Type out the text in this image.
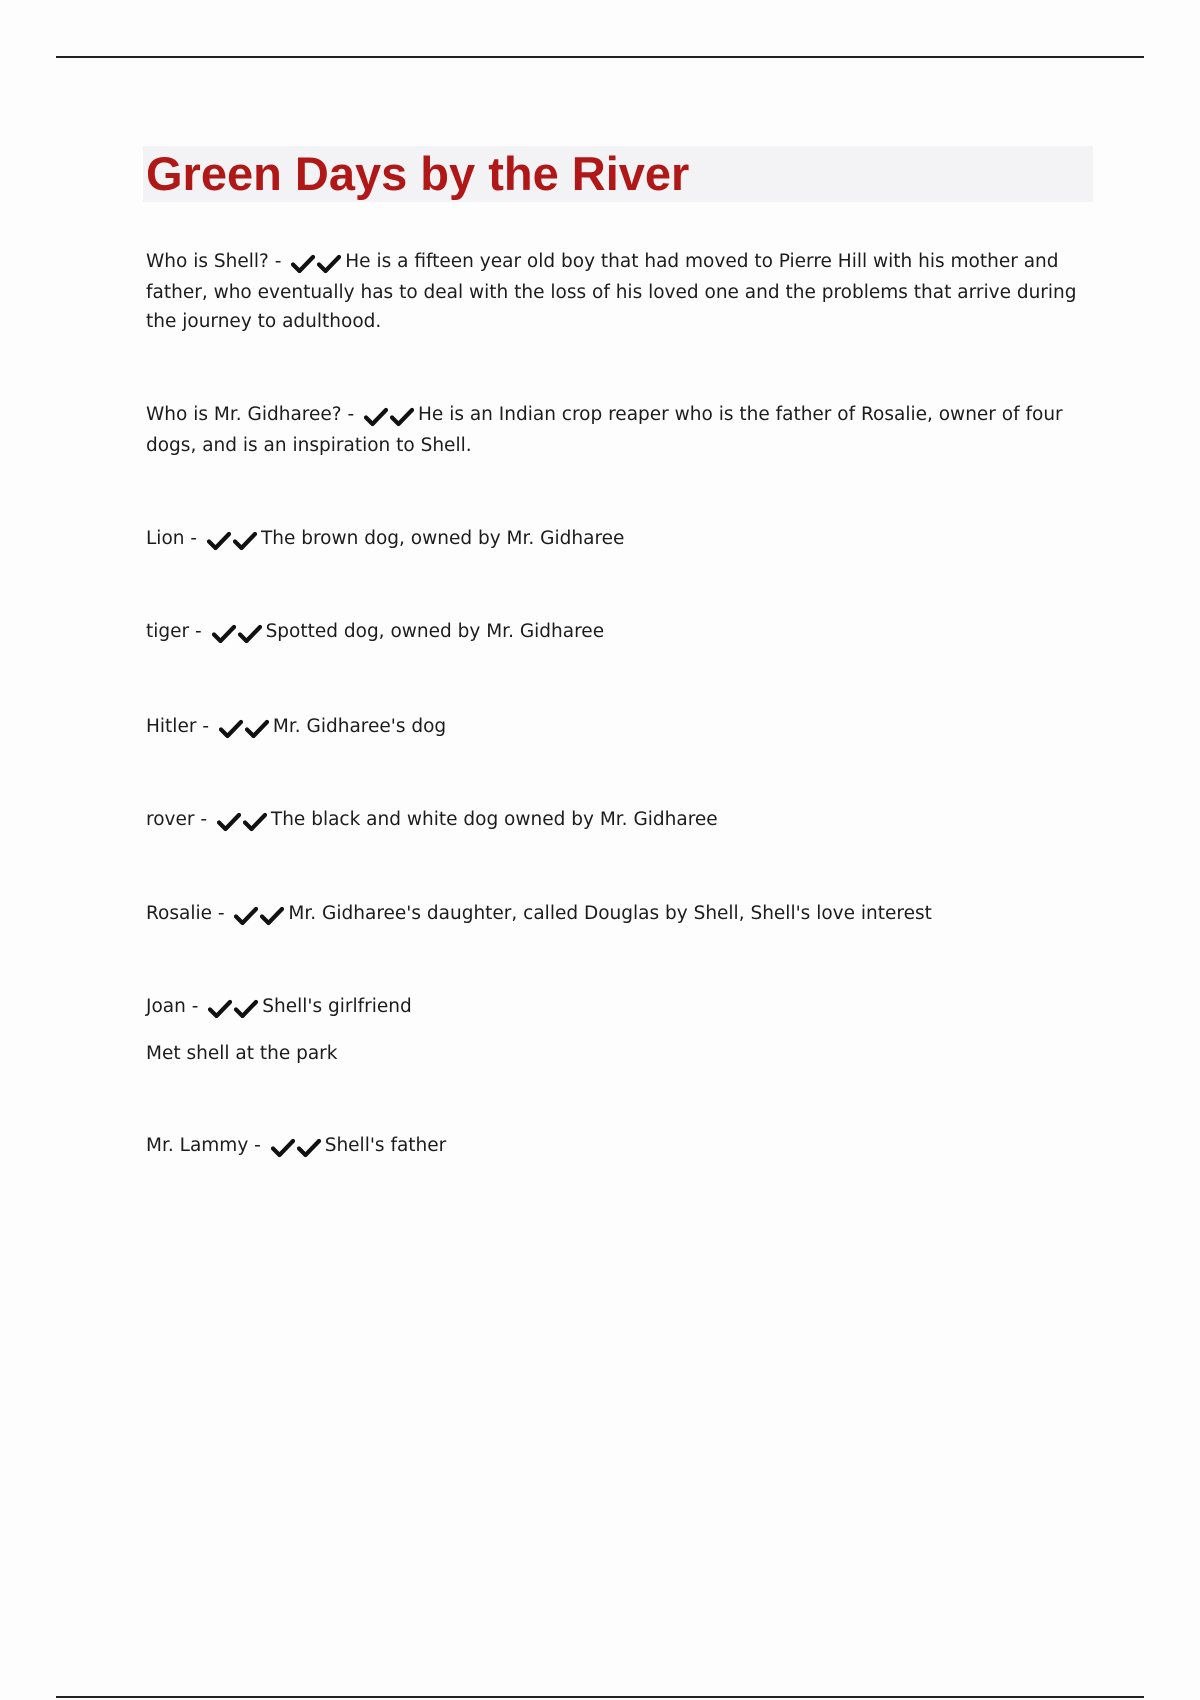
Green Days by the River
Who is Shell? -	He is a fifteen year old boy that had moved to Pierre Hill with his mother and father, who eventually has to deal with the loss of his loved one and the problems that arrive during the journey to adulthood.
Who is Mr. Gidharee? -	He is an Indian crop reaper who is the father of Rosalie, owner of four dogs, and is an inspiration to Shell.
Lion -	The brown dog, owned by Mr. Gidharee
tiger -	Spotted dog, owned by Mr. Gidharee
Hitler -	Mr. Gidharee's dog
rover -	The black and white dog owned by Mr. Gidharee
Rosalie -	Mr. Gidharee's daughter, called Douglas by Shell, Shell's love interest
Joan -	Shell's girlfriend
Met shell at the park
Mr. Lammy -	Shell's father
